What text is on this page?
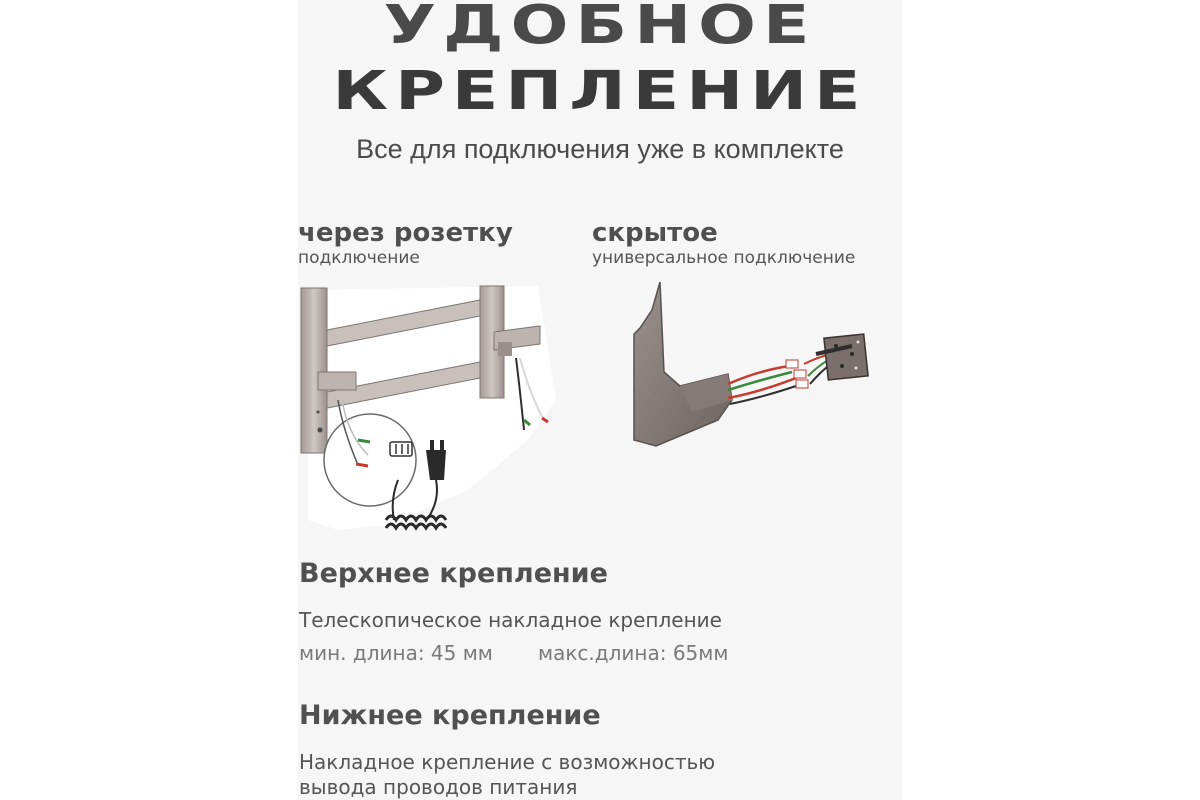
УДОБНОЕ
КРЕПЛЕНИЕ

Все для подключения уже в комплекте

через розетку

подключение

скрытое

универсальное подключение

Верхнее крепление

Телескопическое накладное крепление

мин. длина: 45 мм макс.длина: 65мм

Нижнее крепление

Накладное крепление с возможностью

вывода проводов питания
